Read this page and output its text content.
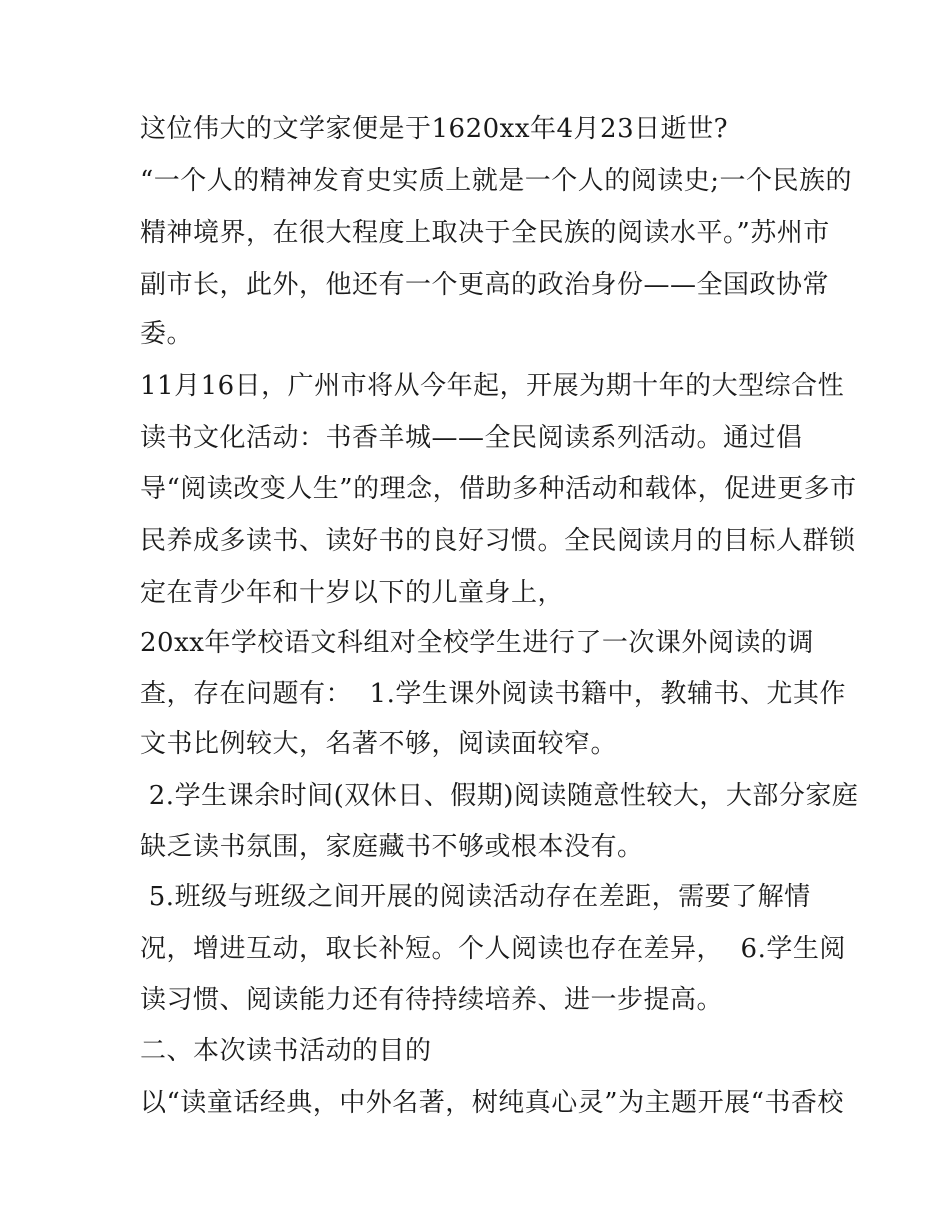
这位伟大的文学家便是于1620xx年4月23日逝世?
“一个人的精神发育史实质上就是一个人的阅读史;一个民族的
精神境界，在很大程度上取决于全民族的阅读水平。”苏州市
副市长，此外，他还有一个更高的政治身份——全国政协常
委。
11月16日，广州市将从今年起，开展为期十年的大型综合性
读书文化活动：书香羊城——全民阅读系列活动。通过倡
导“阅读改变人生”的理念，借助多种活动和载体，促进更多市
民养成多读书、读好书的良好习惯。全民阅读月的目标人群锁
定在青少年和十岁以下的儿童身上，
20xx年学校语文科组对全校学生进行了一次课外阅读的调
查，存在问题有：  1.学生课外阅读书籍中，教辅书、尤其作
文书比例较大，名著不够，阅读面较窄。
2.学生课余时间(双休日、假期)阅读随意性较大，大部分家庭
缺乏读书氛围，家庭藏书不够或根本没有。
5.班级与班级之间开展的阅读活动存在差距，需要了解情
况，增进互动，取长补短。个人阅读也存在差异，  6.学生阅
读习惯、阅读能力还有待持续培养、进一步提高。
二、本次读书活动的目的
以“读童话经典，中外名著，树纯真心灵”为主题开展“书香校
